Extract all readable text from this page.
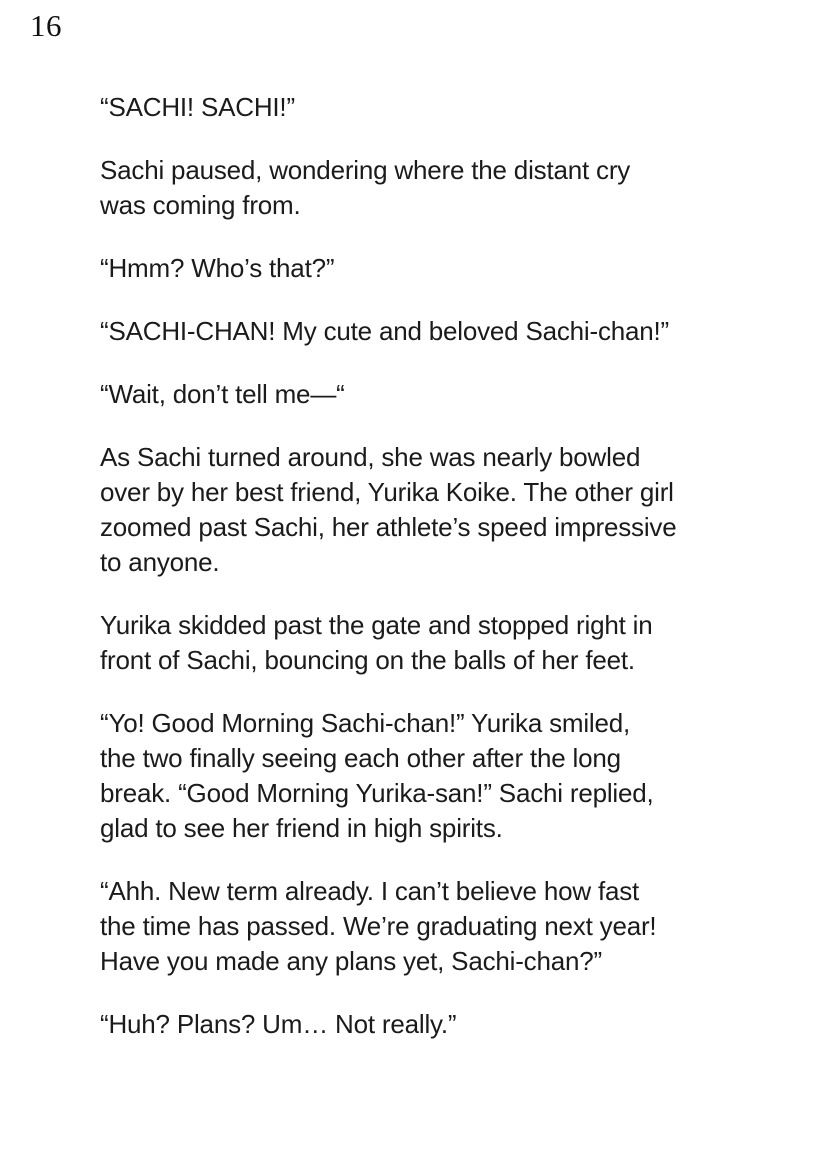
16

“SACHI! SACHI!”

Sachi paused, wondering where the distant cry
was coming from.

“Hmm? Who’s that?”

“SACHI-CHAN! My cute and beloved Sachi-chan!”

“Wait, don’t tell me—“

As Sachi turned around, she was nearly bowled
over by her best friend, Yurika Koike. The other girl
zoomed past Sachi, her athlete’s speed impressive
to anyone.

Yurika skidded past the gate and stopped right in
front of Sachi, bouncing on the balls of her feet.

“Yo! Good Morning Sachi-chan!” Yurika smiled,
the two finally seeing each other after the long
break. “Good Morning Yurika-san!” Sachi replied,
glad to see her friend in high spirits.

“Ahh. New term already. I can’t believe how fast
the time has passed. We’re graduating next year!
Have you made any plans yet, Sachi-chan?”

“Huh? Plans? Um… Not really.”
